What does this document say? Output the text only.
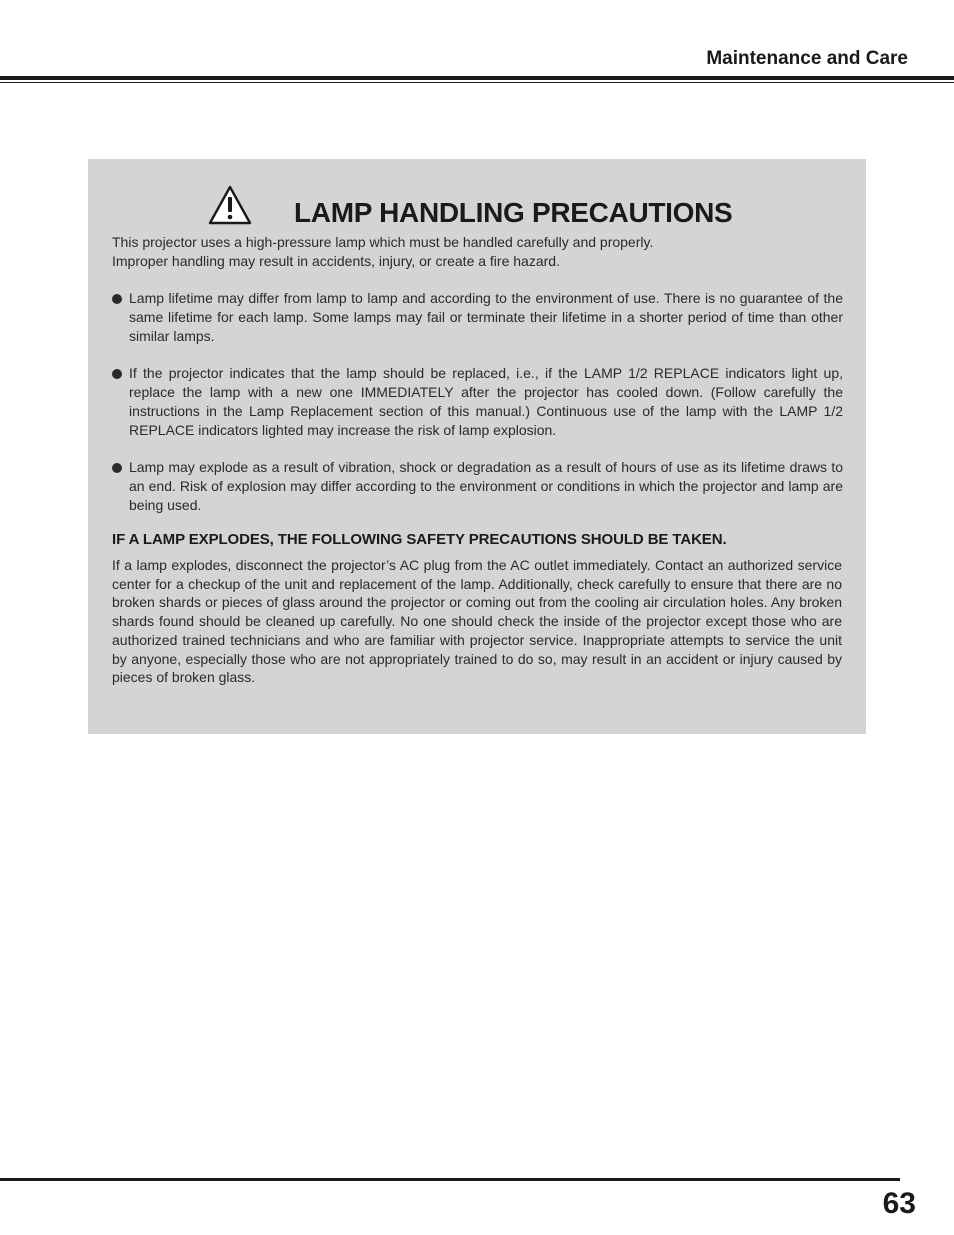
Maintenance and Care
LAMP HANDLING PRECAUTIONS
This projector uses a high-pressure lamp which must be handled carefully and properly.
Improper handling may result in accidents, injury, or create a fire hazard.
Lamp lifetime may differ from lamp to lamp and according to the environment of use. There is no guarantee of the same lifetime for each lamp. Some lamps may fail or terminate their lifetime in a shorter period of time than other similar lamps.
If the projector indicates that the lamp should be replaced, i.e., if the LAMP 1/2 REPLACE indicators light up, replace the lamp with a new one IMMEDIATELY after the projector has cooled down. (Follow carefully the instructions in the Lamp Replacement section of this manual.) Continuous use of the lamp with the LAMP 1/2 REPLACE indicators lighted may increase the risk of lamp explosion.
Lamp may explode as a result of vibration, shock or degradation as a result of hours of use as its lifetime draws to an end. Risk of explosion may differ according to the environment or conditions in which the projector and lamp are being used.
IF A LAMP EXPLODES, THE FOLLOWING SAFETY PRECAUTIONS SHOULD BE TAKEN.
If a lamp explodes, disconnect the projector’s AC plug from the AC outlet immediately. Contact an authorized service center for a checkup of the unit and replacement of the lamp. Additionally, check carefully to ensure that there are no broken shards or pieces of glass around the projector or coming out from the cooling air circulation holes. Any broken shards found should be cleaned up carefully. No one should check the inside of the projector except those who are authorized trained technicians and who are familiar with projector service. Inappropriate attempts to service the unit by anyone, especially those who are not appropriately trained to do so, may result in an accident or injury caused by pieces of broken glass.
63
